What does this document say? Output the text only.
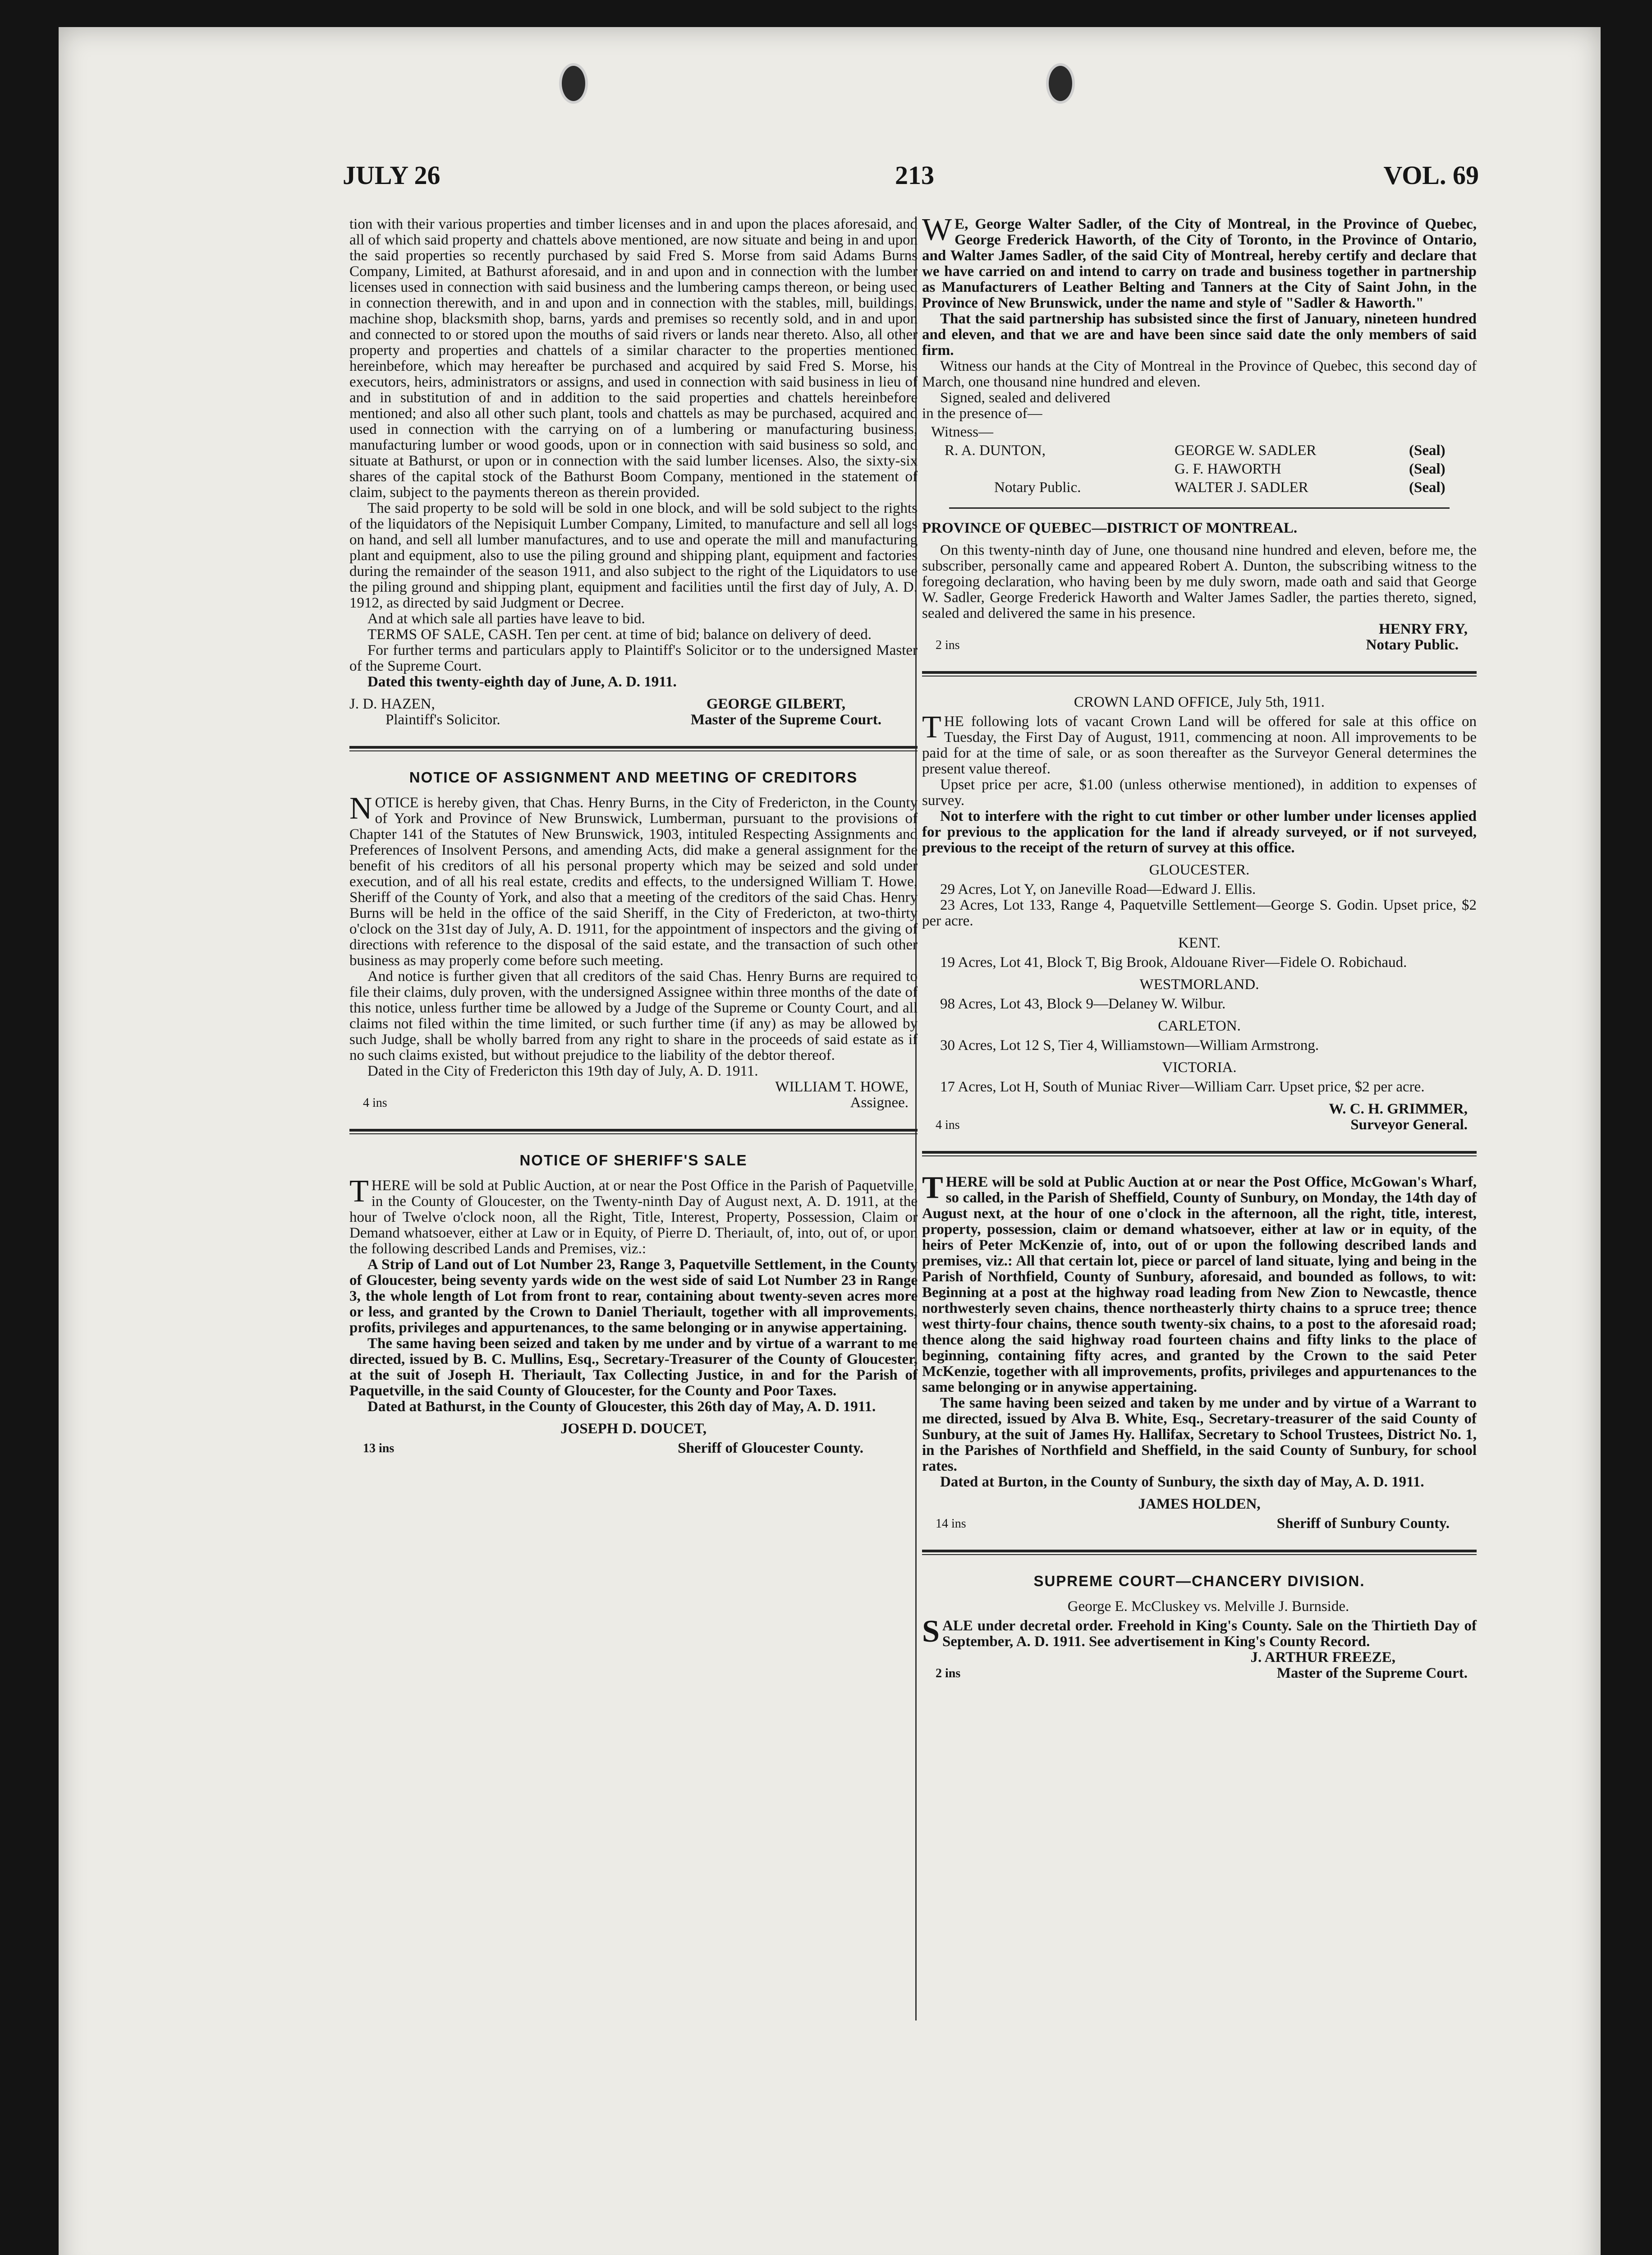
JULY 26	213	VOL. 69

tion with their various properties and timber licenses and in and upon the places aforesaid, and all of which said property and chattels above mentioned, are now situate and being in and upon the said properties so recently purchased by said Fred S. Morse from said Adams Burns Company, Limited, at Bathurst aforesaid, and in and upon and in connection with the lumber licenses used in connection with said business and the lumbering camps thereon, or being used in connection therewith, and in and upon and in connection with the stables, mill, buildings, machine shop, blacksmith shop, barns, yards and premises so recently sold, and in and upon and connected to or stored upon the mouths of said rivers or lands near thereto. Also, all other property and properties and chattels of a similar character to the properties mentioned hereinbefore, which may hereafter be purchased and acquired by said Fred S. Morse, his executors, heirs, administrators or assigns, and used in connection with said business in lieu of and in substitution of and in addition to the said properties and chattels hereinbefore mentioned; and also all other such plant, tools and chattels as may be purchased, acquired and used in connection with the carrying on of a lumbering or manufacturing business, manufacturing lumber or wood goods, upon or in connection with said business so sold, and situate at Bathurst, or upon or in connection with the said lumber licenses. Also, the sixty-six shares of the capital stock of the Bathurst Boom Company, mentioned in the statement of claim, subject to the payments thereon as therein provided.

The said property to be sold will be sold in one block, and will be sold subject to the rights of the liquidators of the Nepisiquit Lumber Company, Limited, to manufacture and sell all logs on hand, and sell all lumber manufactures, and to use and operate the mill and manufacturing plant and equipment, also to use the piling ground and shipping plant, equipment and factories during the remainder of the season 1911, and also subject to the right of the Liquidators to use the piling ground and shipping plant, equipment and facilities until the first day of July, A. D. 1912, as directed by said Judgment or Decree.

And at which sale all parties have leave to bid.

TERMS OF SALE, CASH. Ten per cent. at time of bid; balance on delivery of deed.

For further terms and particulars apply to Plaintiff's Solicitor or to the undersigned Master of the Supreme Court.

Dated this twenty-eighth day of June, A. D. 1911.

J. D. HAZEN,	GEORGE GILBERT,
Plaintiff's Solicitor.	Master of the Supreme Court.
NOTICE OF ASSIGNMENT AND MEETING OF CREDITORS

NOTICE is hereby given, that Chas. Henry Burns, in the City of Fredericton, in the County of York and Province of New Brunswick, Lumberman, pursuant to the provisions of Chapter 141 of the Statutes of New Brunswick, 1903, intituled Respecting Assignments and Preferences of Insolvent Persons, and amending Acts, did make a general assignment for the benefit of his creditors of all his personal property which may be seized and sold under execution, and of all his real estate, credits and effects, to the undersigned William T. Howe, Sheriff of the County of York, and also that a meeting of the creditors of the said Chas. Henry Burns will be held in the office of the said Sheriff, in the City of Fredericton, at two-thirty o'clock on the 31st day of July, A. D. 1911, for the appointment of inspectors and the giving of directions with reference to the disposal of the said estate, and the transaction of such other business as may properly come before such meeting.

And notice is further given that all creditors of the said Chas. Henry Burns are required to file their claims, duly proven, with the undersigned Assignee within three months of the date of this notice, unless further time be allowed by a Judge of the Supreme or County Court, and all claims not filed within the time limited, or such further time (if any) as may be allowed by such Judge, shall be wholly barred from any right to share in the proceeds of said estate as if no such claims existed, but without prejudice to the liability of the debtor thereof.

Dated in the City of Fredericton this 19th day of July, A. D. 1911.

WILLIAM T. HOWE,
4 ins	Assignee.
NOTICE OF SHERIFF'S SALE

THERE will be sold at Public Auction, at or near the Post Office in the Parish of Paquetville, in the County of Gloucester, on the Twenty-ninth Day of August next, A. D. 1911, at the hour of Twelve o'clock noon, all the Right, Title, Interest, Property, Possession, Claim or Demand whatsoever, either at Law or in Equity, of Pierre D. Theriault, of, into, out of, or upon the following described Lands and Premises, viz.:

A Strip of Land out of Lot Number 23, Range 3, Paquetville Settlement, in the County of Gloucester, being seventy yards wide on the west side of said Lot Number 23 in Range 3, the whole length of Lot from front to rear, containing about twenty-seven acres more or less, and granted by the Crown to Daniel Theriault, together with all improvements, profits, privileges and appurtenances, to the same belonging or in anywise appertaining.

The same having been seized and taken by me under and by virtue of a warrant to me directed, issued by B. C. Mullins, Esq., Secretary-Treasurer of the County of Gloucester, at the suit of Joseph H. Theriault, Tax Collecting Justice, in and for the Parish of Paquetville, in the said County of Gloucester, for the County and Poor Taxes.

Dated at Bathurst, in the County of Gloucester, this 26th day of May, A. D. 1911.

JOSEPH D. DOUCET,
13 ins	Sheriff of Gloucester County.

W E, George Walter Sadler, of the City of Montreal, in the Province of Quebec, George Frederick Haworth, of the City of Toronto, in the Province of Ontario, and Walter James Sadler, of the said City of Montreal, hereby certify and declare that we have carried on and intend to carry on trade and business together in partnership as Manufacturers of Leather Belting and Tanners at the City of Saint John, in the Province of New Brunswick, under the name and style of "Sadler & Haworth."

That the said partnership has subsisted since the first of January, nineteen hundred and eleven, and that we are and have been since said date the only members of said firm.

Witness our hands at the City of Montreal in the Province of Quebec, this second day of March, one thousand nine hundred and eleven.

Signed, sealed and delivered

in the presence of—

Witness—
R. A. DUNTON,	GEORGE W. SADLER	(Seal)
G. F. HAWORTH	(Seal)
Notary Public.	WALTER J. SADLER	(Seal)
PROVINCE OF QUEBEC—DISTRICT OF MONTREAL.

On this twenty-ninth day of June, one thousand nine hundred and eleven, before me, the subscriber, personally came and appeared Robert A. Dunton, the subscribing witness to the foregoing declaration, who having been by me duly sworn, made oath and said that George W. Sadler, George Frederick Haworth and Walter James Sadler, the parties thereto, signed, sealed and delivered the same in his presence.

HENRY FRY,
2 ins	Notary Public.
CROWN LAND OFFICE, July 5th, 1911.

THE following lots of vacant Crown Land will be offered for sale at this office on Tuesday, the First Day of August, 1911, commencing at noon. All improvements to be paid for at the time of sale, or as soon thereafter as the Surveyor General determines the present value thereof.

Upset price per acre, $1.00 (unless otherwise mentioned), in addition to expenses of survey.

Not to interfere with the right to cut timber or other lumber under licenses applied for previous to the application for the land if already surveyed, or if not surveyed, previous to the receipt of the return of survey at this office.

GLOUCESTER.

29 Acres, Lot Y, on Janeville Road—Edward J. Ellis.

23 Acres, Lot 133, Range 4, Paquetville Settlement—George S. Godin. Upset price, $2 per acre.

KENT.

19 Acres, Lot 41, Block T, Big Brook, Aldouane River—Fidele O. Robichaud.

WESTMORLAND.

98 Acres, Lot 43, Block 9—Delaney W. Wilbur.

CARLETON.

30 Acres, Lot 12 S, Tier 4, Williamstown—William Armstrong.

VICTORIA.

17 Acres, Lot H, South of Muniac River—William Carr. Upset price, $2 per acre.

W. C. H. GRIMMER,
4 ins	Surveyor General.

THERE will be sold at Public Auction at or near the Post Office, McGowan's Wharf, so called, in the Parish of Sheffield, County of Sunbury, on Monday, the 14th day of August next, at the hour of one o'clock in the afternoon, all the right, title, interest, property, possession, claim or demand whatsoever, either at law or in equity, of the heirs of Peter McKenzie of, into, out of or upon the following described lands and premises, viz.: All that certain lot, piece or parcel of land situate, lying and being in the Parish of Northfield, County of Sunbury, aforesaid, and bounded as follows, to wit: Beginning at a post at the highway road leading from New Zion to Newcastle, thence northwesterly seven chains, thence northeasterly thirty chains to a spruce tree; thence west thirty-four chains, thence south twenty-six chains, to a post to the aforesaid road; thence along the said highway road fourteen chains and fifty links to the place of beginning, containing fifty acres, and granted by the Crown to the said Peter McKenzie, together with all improvements, profits, privileges and appurtenances to the same belonging or in anywise appertaining.

The same having been seized and taken by me under and by virtue of a Warrant to me directed, issued by Alva B. White, Esq., Secretary-treasurer of the said County of Sunbury, at the suit of James Hy. Hallifax, Secretary to School Trustees, District No. 1, in the Parishes of Northfield and Sheffield, in the said County of Sunbury, for school rates.

Dated at Burton, in the County of Sunbury, the sixth day of May, A. D. 1911.

JAMES HOLDEN,
14 ins	Sheriff of Sunbury County.
SUPREME COURT—CHANCERY DIVISION.

George E. McCluskey vs. Melville J. Burnside.

SALE under decretal order. Freehold in King's County. Sale on the Thirtieth Day of September, A. D. 1911. See advertisement in King's County Record.

J. ARTHUR FREEZE,
2 ins	Master of the Supreme Court.
